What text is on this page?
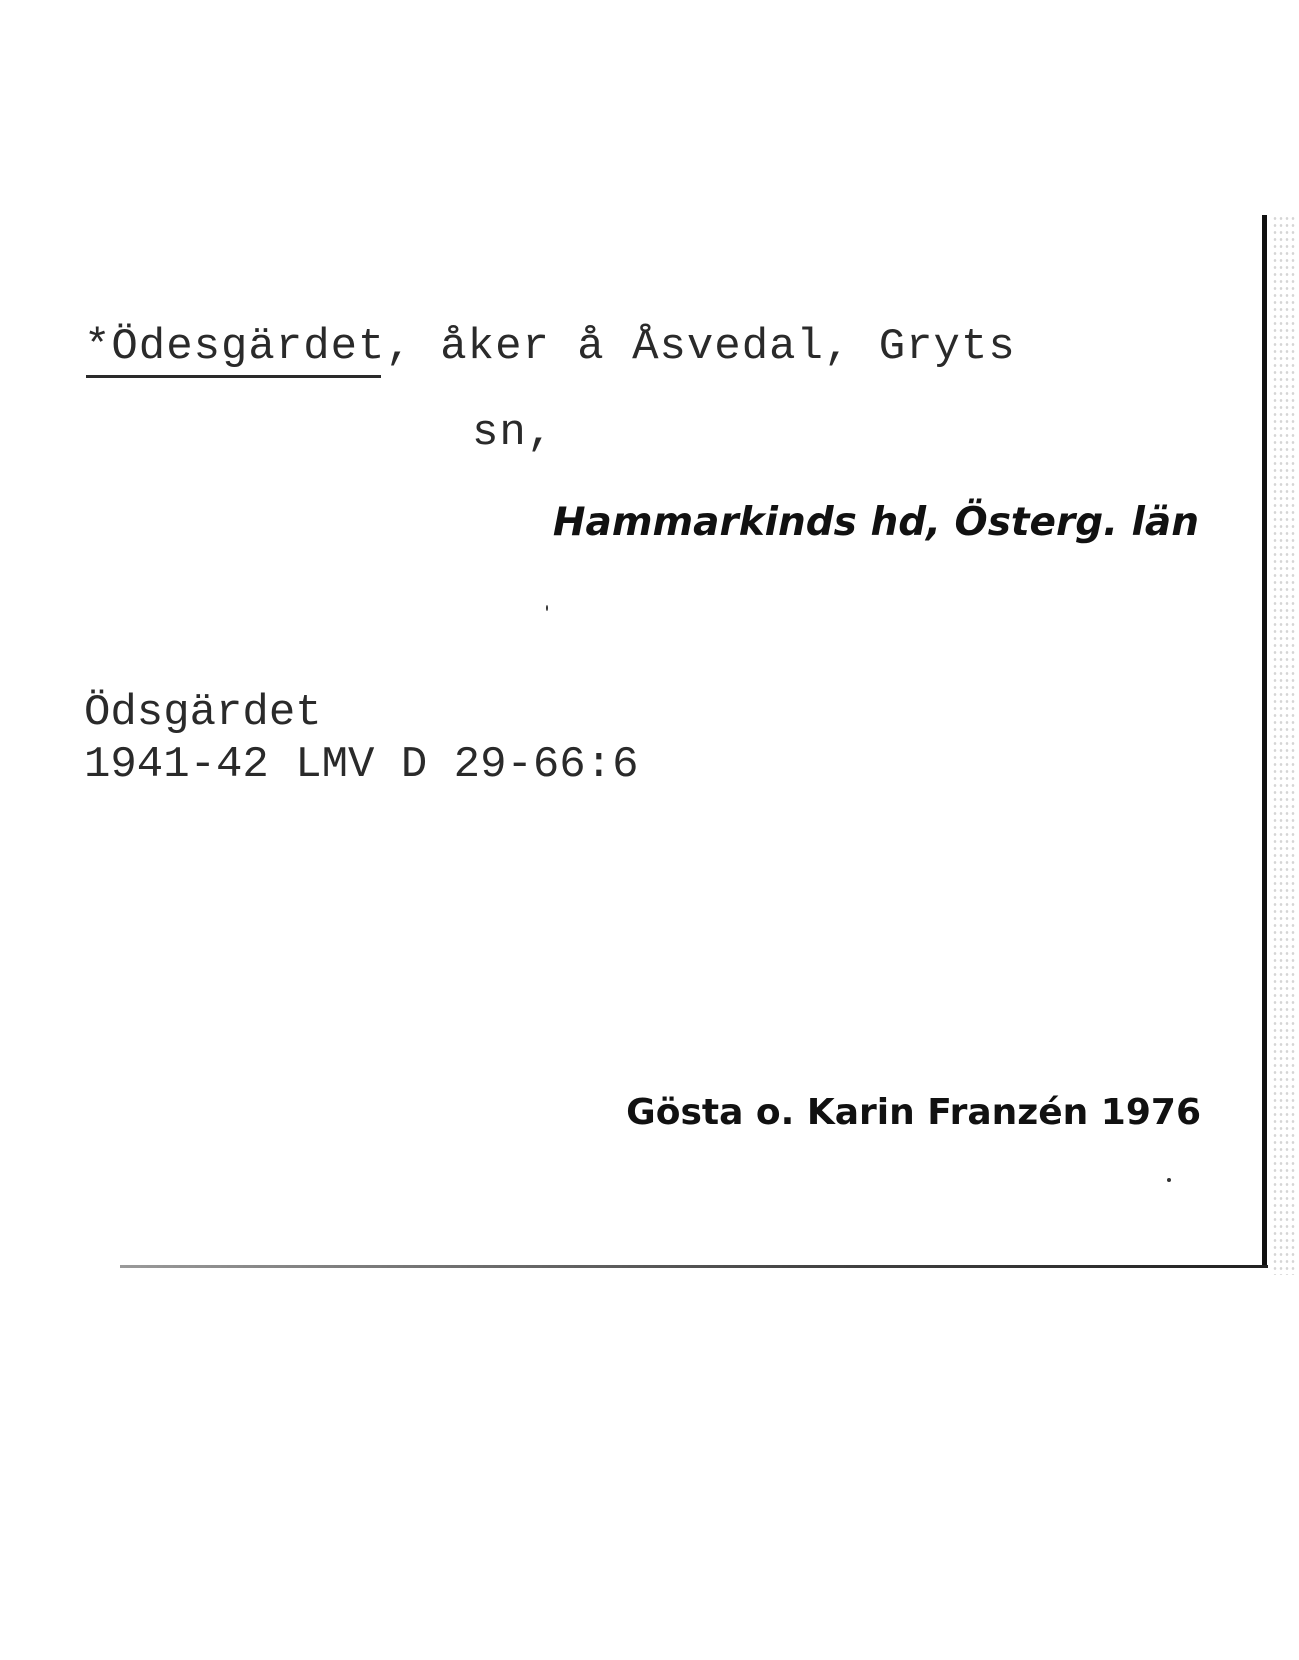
*Ödesgärdet, åker å Åsvedal, Gryts
sn,
Hammarkinds hd, Österg. län
Ödsgärdet
1941-42 LMV D 29-66:6
Gösta o. Karin Franzén 1976
